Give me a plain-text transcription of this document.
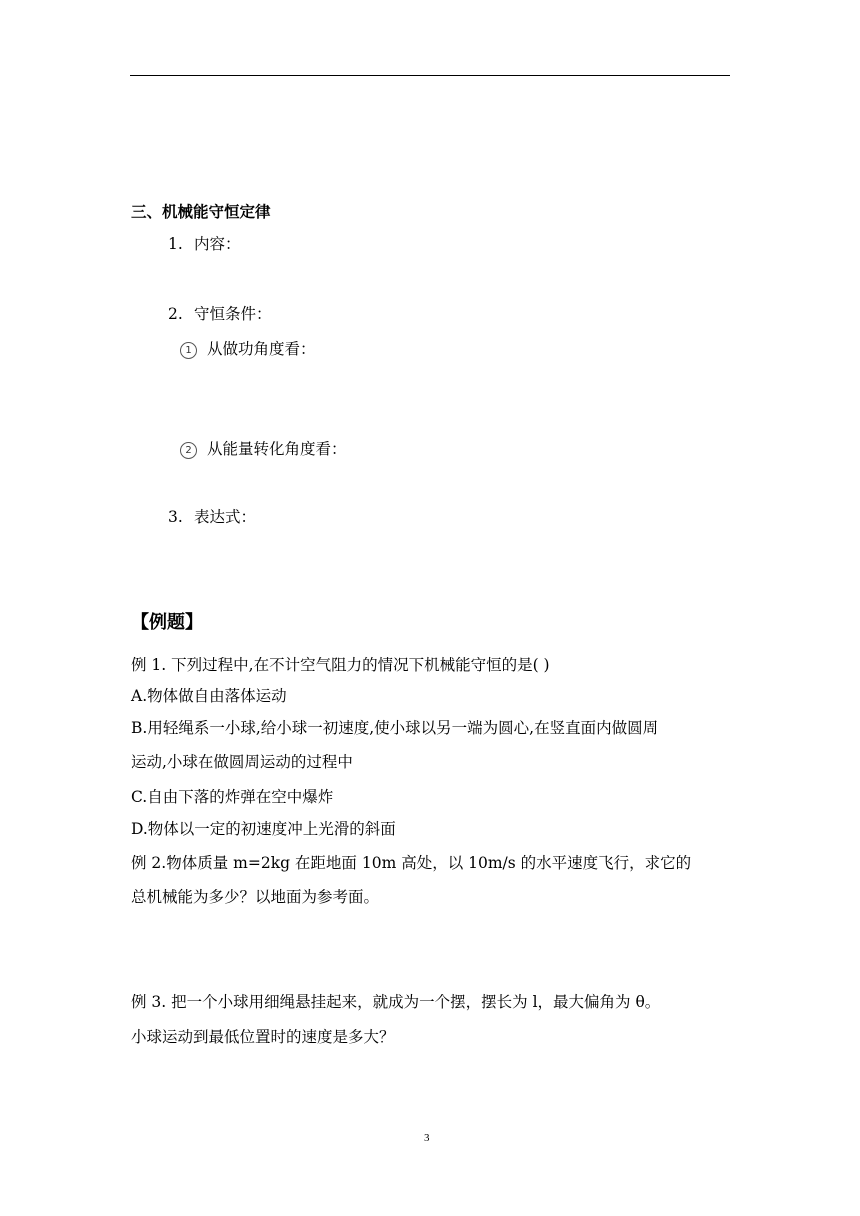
三、机械能守恒定律
1. 内容：
2. 守恒条件：
1 从做功角度看：
2 从能量转化角度看：
3. 表达式：
【例题】
例 1. 下列过程中,在不计空气阻力的情况下机械能守恒的是( )
A.物体做自由落体运动
B.用轻绳系一小球,给小球一初速度,使小球以另一端为圆心,在竖直面内做圆周
运动,小球在做圆周运动的过程中
C.自由下落的炸弹在空中爆炸
D.物体以一定的初速度冲上光滑的斜面
例 2.物体质量 m=2kg 在距地面 10m 高处，以 10m/s 的水平速度飞行，求它的
总机械能为多少？以地面为参考面。
例 3. 把一个小球用细绳悬挂起来，就成为一个摆，摆长为 l，最大偏角为 θ。
小球运动到最低位置时的速度是多大？
3
